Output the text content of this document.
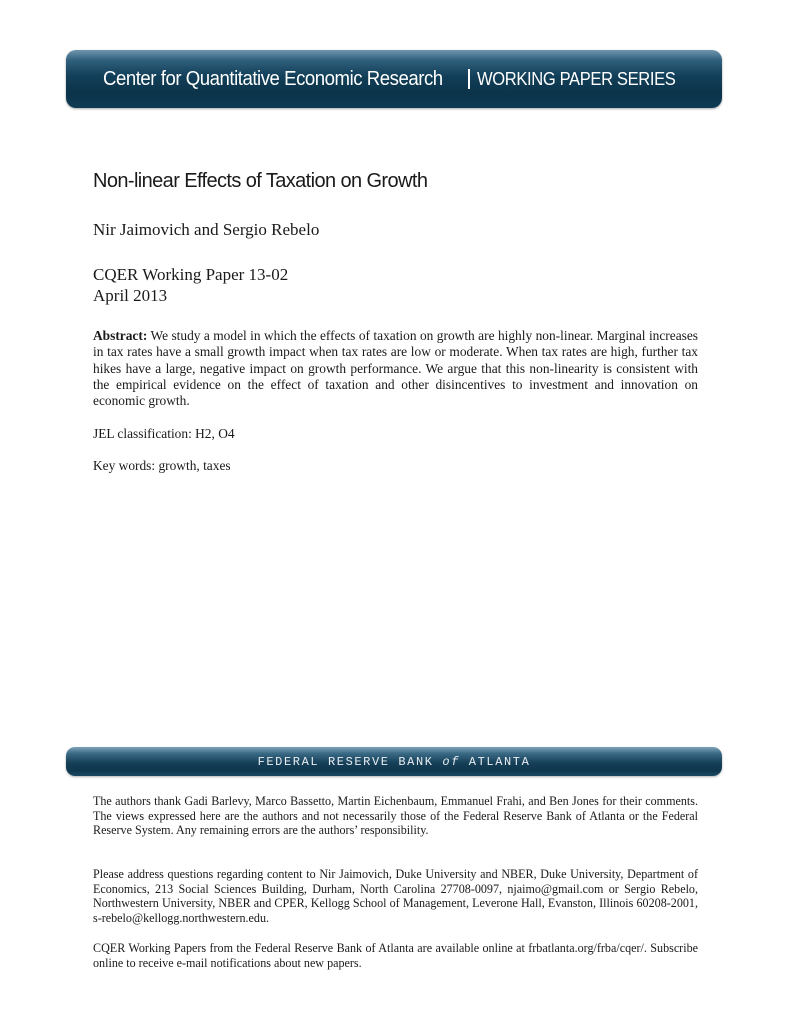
Center for Quantitative Economic Research WORKING PAPER SERIES
Non-linear Effects of Taxation on Growth
Nir Jaimovich and Sergio Rebelo
CQER Working Paper 13-02
April 2013

Abstract: We study a model in which the effects of taxation on growth are highly non-linear. Marginal increases in tax rates have a small growth impact when tax rates are low or moderate. When tax rates are high, further tax hikes have a large, negative impact on growth performance. We argue that this non-linearity is consistent with the empirical evidence on the effect of taxation and other disincentives to investment and innovation on economic growth.

JEL classification: H2, O4
Key words: growth, taxes
FEDERAL RESERVE BANK of ATLANTA

The authors thank Gadi Barlevy, Marco Bassetto, Martin Eichenbaum, Emmanuel Frahi, and Ben Jones for their comments. The views expressed here are the authors and not necessarily those of the Federal Reserve Bank of Atlanta or the Federal Reserve System. Any remaining errors are the authors’ responsibility.

Please address questions regarding content to Nir Jaimovich, Duke University and NBER, Duke University, Department of Economics, 213 Social Sciences Building, Durham, North Carolina 27708-0097, njaimo@gmail.com or Sergio Rebelo, Northwestern University, NBER and CPER, Kellogg School of Management, Leverone Hall, Evanston, Illinois 60208-2001, s-rebelo@kellogg.northwestern.edu.

CQER Working Papers from the Federal Reserve Bank of Atlanta are available online at frbatlanta.org/frba/cqer/. Subscribe online to receive e-mail notifications about new papers.
